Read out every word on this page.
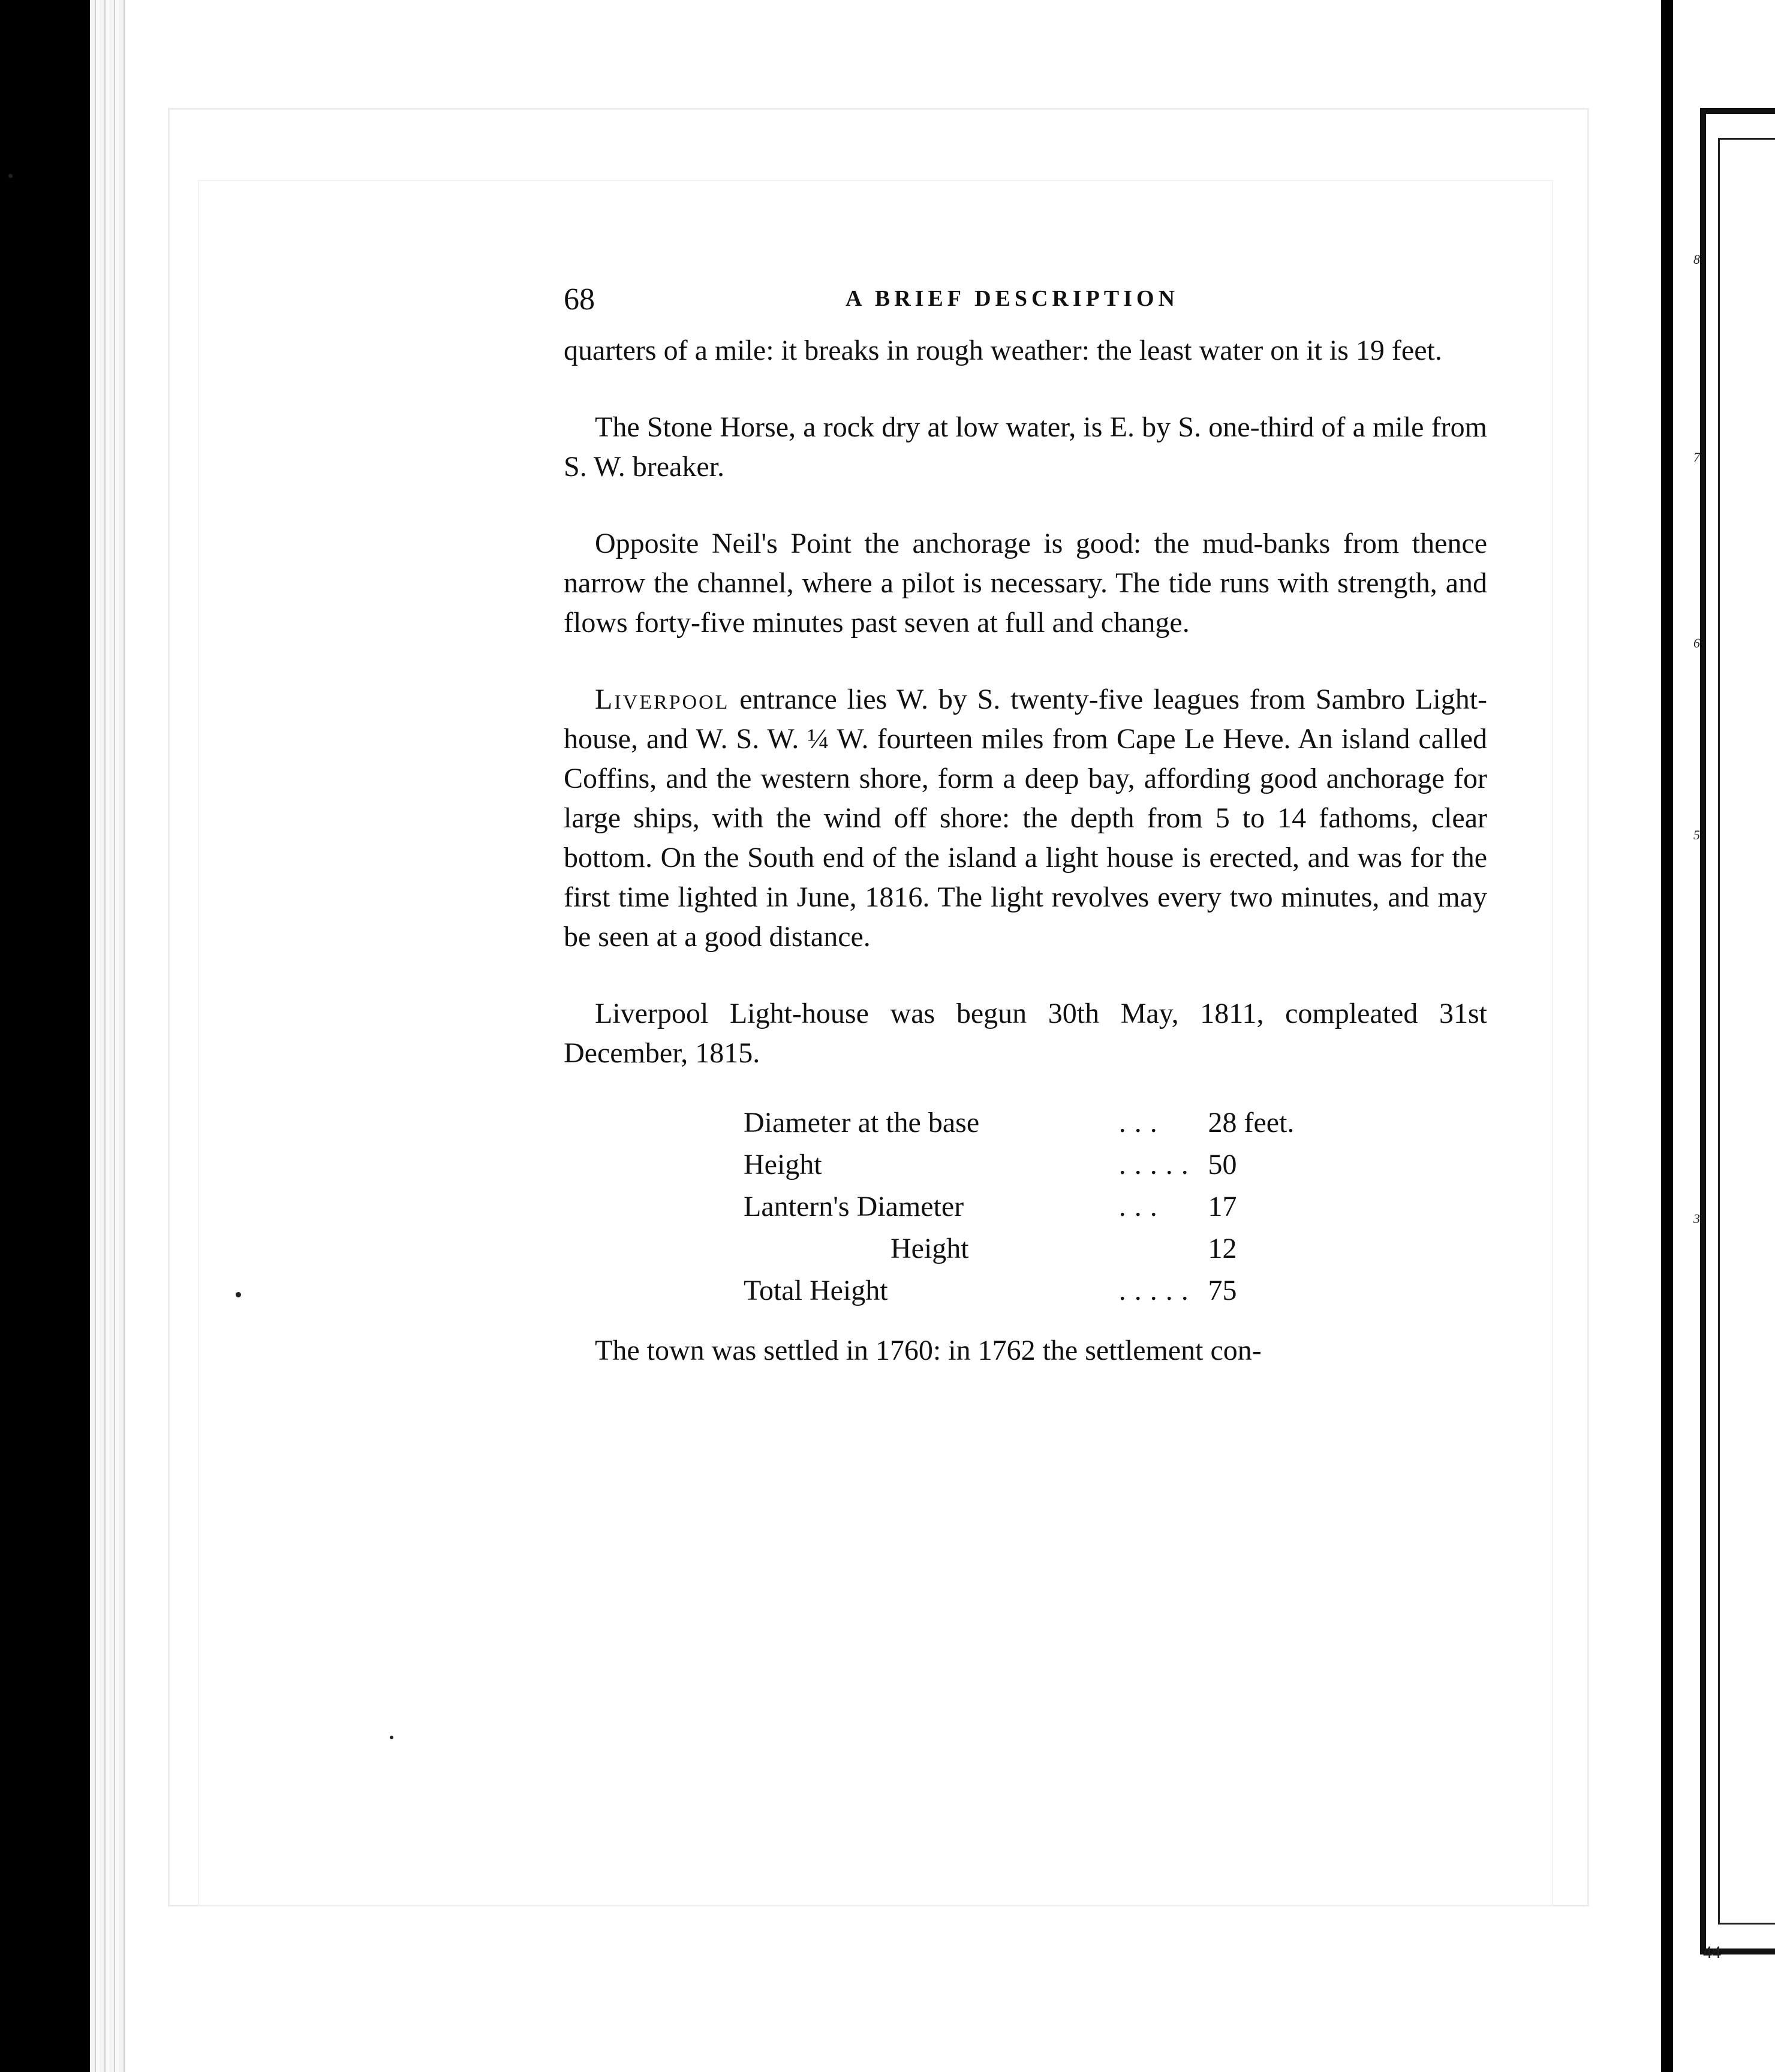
8
7
6
5
3
44
68	A BRIEF DESCRIPTION

quarters of a mile: it breaks in rough weather: the least water on it is 19 feet.

The Stone Horse, a rock dry at low water, is E. by S. one-third of a mile from S. W. breaker.

Opposite Neil's Point the anchorage is good: the mud-banks from thence narrow the channel, where a pilot is necessary. The tide runs with strength, and flows forty-five minutes past seven at full and change.

Liverpool entrance lies W. by S. twenty-five leagues from Sambro Light-house, and W. S. W. ¼ W. fourteen miles from Cape Le Heve. An island called Coffins, and the western shore, form a deep bay, affording good anchorage for large ships, with the wind off shore: the depth from 5 to 14 fathoms, clear bottom. On the South end of the island a light house is erected, and was for the first time lighted in June, 1816. The light revolves every two minutes, and may be seen at a good distance.

Liverpool Light-house was begun 30th May, 1811, compleated 31st December, 1815.

Diameter at the base	...	28 feet.
Height	.....	50
Lantern's Diameter	...	17
Height		12
Total Height	.....	75

The town was settled in 1760: in 1762 the settlement con-
